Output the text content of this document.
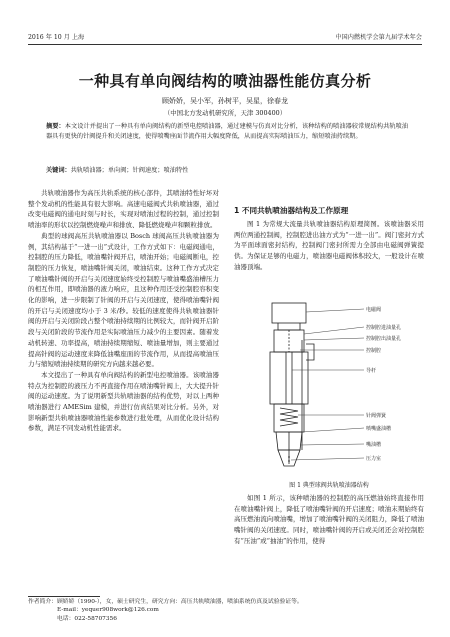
2016 年 10 月 上海	中国内燃机学会第九届学术年会
一种具有单向阀结构的喷油器性能仿真分析
顾娇娇，吴小军，孙树平，吴星，徐春龙
（中国北方发动机研究所，天津 300400）
摘要：本文设计并提出了一种具有单向阀结构的新型电控喷油器，通过建模与仿真对比分析，该种结构的喷油器较常规结构共轨喷油器具有更快的针阀提升和关闭速度，使得喷嘴座面节流作用大幅度降低，从而提高实际喷油压力，缩短喷油持续期。
关键词：共轨喷油器；单向阀；针阀速度；喷油特性

共轨喷油器作为高压共轨系统的核心部件，其喷油特性好坏对整个发动机的性能具有很大影响。高速电磁阀式共轨喷油器，通过改变电磁阀的通电时刻与时长，实现对喷油过程的控制，通过控制喷油率的形状以控制燃烧噪声和排放、降低燃烧噪声和颗粒排放。

典型的球阀高压共轨喷油器以 Bosch 球阀高压共轨喷油器为例，其结构基于“一进一出”式设计，工作方式如下：电磁阀通电，控制腔的压力降低，喷油嘴针阀开启，喷油开始；电磁阀断电，控制腔的压力恢复，喷油嘴针阀关闭，喷油结束。这种工作方式决定了喷油嘴针阀的开启与关闭速度始终受控制腔与喷油嘴盛油槽压力的相互作用，即喷油器的液力响应，且这种作用还受控制腔容积变化的影响，进一步限制了针阀的开启与关闭速度，使得喷油嘴针阀的开启与关闭速度均小于 3 米/秒。较低的速度使得共轨喷油器针阀的开启与关闭阶段占整个喷油持续期的比例较大，而针阀开启阶段与关闭阶段的节流作用是实际喷油压力减少的主要因素。随着发动机转速、功率提高，喷油持续期缩短、喷油量增加，则主要通过提高针阀的运动速度来降低油嘴座面的节流作用，从而提高喷油压力与缩短喷油持续期的研究方向越来越必要。

本文提出了一种具有单向阀结构的新型电控喷油器。该喷油器特点为控制腔的液压力不再直接作用在喷油嘴针阀上，大大提升针阀的运动速度。为了说明新型共轨喷油器的结构优势，对以上两种喷油器进行 AMESim 建模，并进行仿真结果对比分析。另外，对影响新型共轨喷油器喷油性能参数进行批处理，从而优化设计结构参数，满足不同发动机性能需求。

1 不同共轨喷油器结构及工作原理

图 1 为常规大流量共轨喷油器结构原理简图。该喷油器采用两位两通控制阀，控制腔进出油方式为“一进一出”。阀门密封方式为平面球面密封结构，控制阀门密封所需力全部由电磁阀弹簧提供。为保证足够的电磁力，喷油器电磁阀体积较大，一般设计在喷油器顶端。

电磁阀
控制腔进油量孔
控制腔出油量孔
控制腔
导杆
针阀弹簧
喷嘴盛油槽
嘴油槽
压力室
图 1 典型球阀共轨喷油器结构

如图 1 所示，该种喷油器的控制腔的高压燃油始终直接作用在喷油嘴针阀上，降低了喷油嘴针阀的开启速度；喷油末期始终有高压燃油流向喷油嘴，增加了喷油嘴针阀的关闭阻力，降低了喷油嘴针阀的关闭速度。同时，喷油嘴针阀的开启或关闭还会对控制腔有“压油”或“抽油”的作用，使得

作者简介：顾娇娇（1990-），女，硕士研究生，研究方向：高压共轨喷油器，喷油系统仿真及试验验证等。
E-mail：yequer908work@126.com
电话：022-58707356
